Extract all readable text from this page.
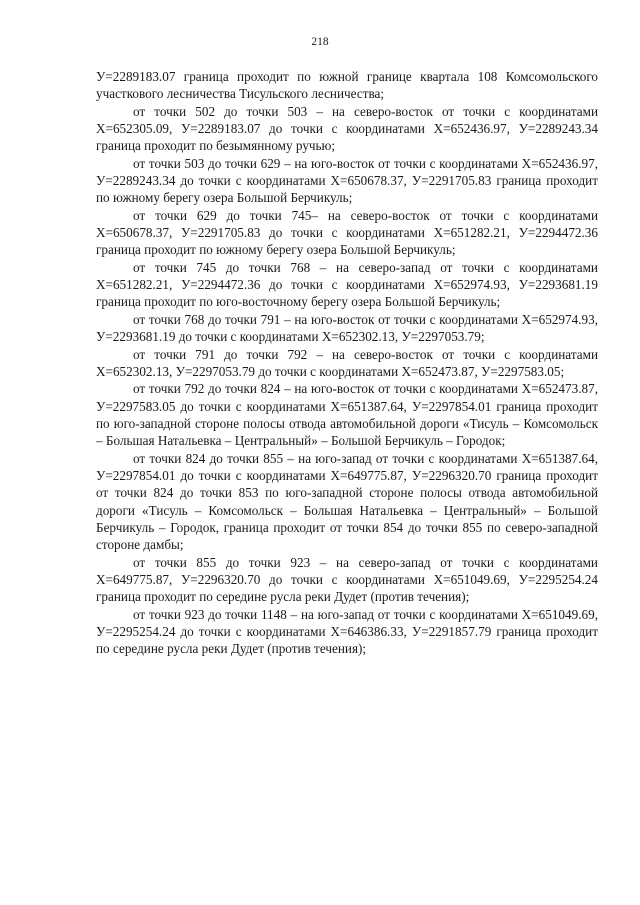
218

У=2289183.07 граница проходит по южной границе квартала 108 Комсомольского участкового лесничества Тисульского лесничества;

от точки 502 до точки 503 – на северо-восток от точки с координатами Х=652305.09, У=2289183.07 до точки с координатами Х=652436.97, У=2289243.34 граница проходит по безымянному ручью;

от точки 503 до точки 629 – на юго-восток от точки с координатами Х=652436.97, У=2289243.34 до точки с координатами Х=650678.37, У=2291705.83 граница проходит по южному берегу озера Большой Берчикуль;

от точки 629 до точки 745– на северо-восток от точки с координатами Х=650678.37, У=2291705.83 до точки с координатами Х=651282.21, У=2294472.36 граница проходит по южному берегу озера Большой Берчикуль;

от точки 745 до точки 768 – на северо-запад от точки с координатами Х=651282.21, У=2294472.36 до точки с координатами Х=652974.93, У=2293681.19 граница проходит по юго-восточному берегу озера Большой Берчикуль;

от точки 768 до точки 791 – на юго-восток от точки с координатами Х=652974.93, У=2293681.19 до точки с координатами Х=652302.13, У=2297053.79;

от точки 791 до точки 792 – на северо-восток от точки с координатами Х=652302.13, У=2297053.79 до точки с координатами Х=652473.87, У=2297583.05;

от точки 792 до точки 824 – на юго-восток от точки с координатами Х=652473.87, У=2297583.05 до точки с координатами Х=651387.64, У=2297854.01 граница проходит по юго-западной стороне полосы отвода автомобильной дороги «Тисуль – Комсомольск – Большая Натальевка – Центральный» – Большой Берчикуль – Городок;

от точки 824 до точки 855 – на юго-запад от точки с координатами Х=651387.64, У=2297854.01 до точки с координатами Х=649775.87, У=2296320.70 граница проходит от точки 824 до точки 853 по юго-западной стороне полосы отвода автомобильной дороги «Тисуль – Комсомольск – Большая Натальевка – Центральный» – Большой Берчикуль – Городок, граница проходит от точки 854 до точки 855 по северо-западной стороне дамбы;

от точки 855 до точки 923 – на северо-запад от точки с координатами Х=649775.87, У=2296320.70 до точки с координатами Х=651049.69, У=2295254.24 граница проходит по середине русла реки Дудет (против течения);

от точки 923 до точки 1148 – на юго-запад от точки с координатами Х=651049.69, У=2295254.24 до точки с координатами Х=646386.33, У=2291857.79 граница проходит по середине русла реки Дудет (против течения);
